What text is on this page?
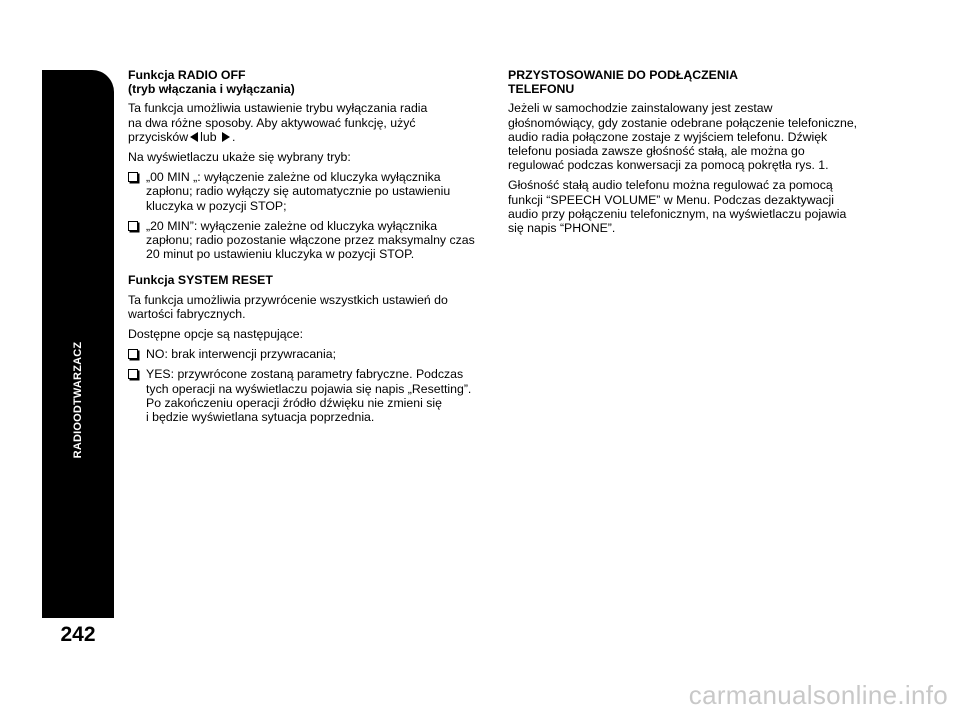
RADIOODTWARZACZ
242
Funkcja RADIO OFF
(tryb włączania i wyłączania)

Ta funkcja umożliwia ustawienie trybu wyłączania radia
na dwa różne sposoby. Aby aktywować funkcję, użyć
przycisków lub .

Na wyświetlaczu ukaże się wybrany tryb:

„00 MIN „: wyłączenie zależne od kluczyka wyłącznika
zapłonu; radio wyłączy się automatycznie po ustawieniu
kluczyka w pozycji STOP;
„20 MIN”: wyłączenie zależne od kluczyka wyłącznika
zapłonu; radio pozostanie włączone przez maksymalny czas
20 minut po ustawieniu kluczyka w pozycji STOP.
Funkcja SYSTEM RESET

Ta funkcja umożliwia przywrócenie wszystkich ustawień do
wartości fabrycznych.

Dostępne opcje są następujące:

NO: brak interwencji przywracania;
YES: przywrócone zostaną parametry fabryczne. Podczas
tych operacji na wyświetlaczu pojawia się napis „Resetting”.
Po zakończeniu operacji źródło dźwięku nie zmieni się
i będzie wyświetlana sytuacja poprzednia.
PRZYSTOSOWANIE DO PODŁĄCZENIA
TELEFONU

Jeżeli w samochodzie zainstalowany jest zestaw
głośnomówiący, gdy zostanie odebrane połączenie telefoniczne,
audio radia połączone zostaje z wyjściem telefonu. Dźwięk
telefonu posiada zawsze głośność stałą, ale można go
regulować podczas konwersacji za pomocą pokrętła rys. 1.

Głośność stałą audio telefonu można regulować za pomocą
funkcji “SPEECH VOLUME” w Menu. Podczas dezaktywacji
audio przy połączeniu telefonicznym, na wyświetlaczu pojawia
się napis “PHONE”.

carmanualsonline.info
